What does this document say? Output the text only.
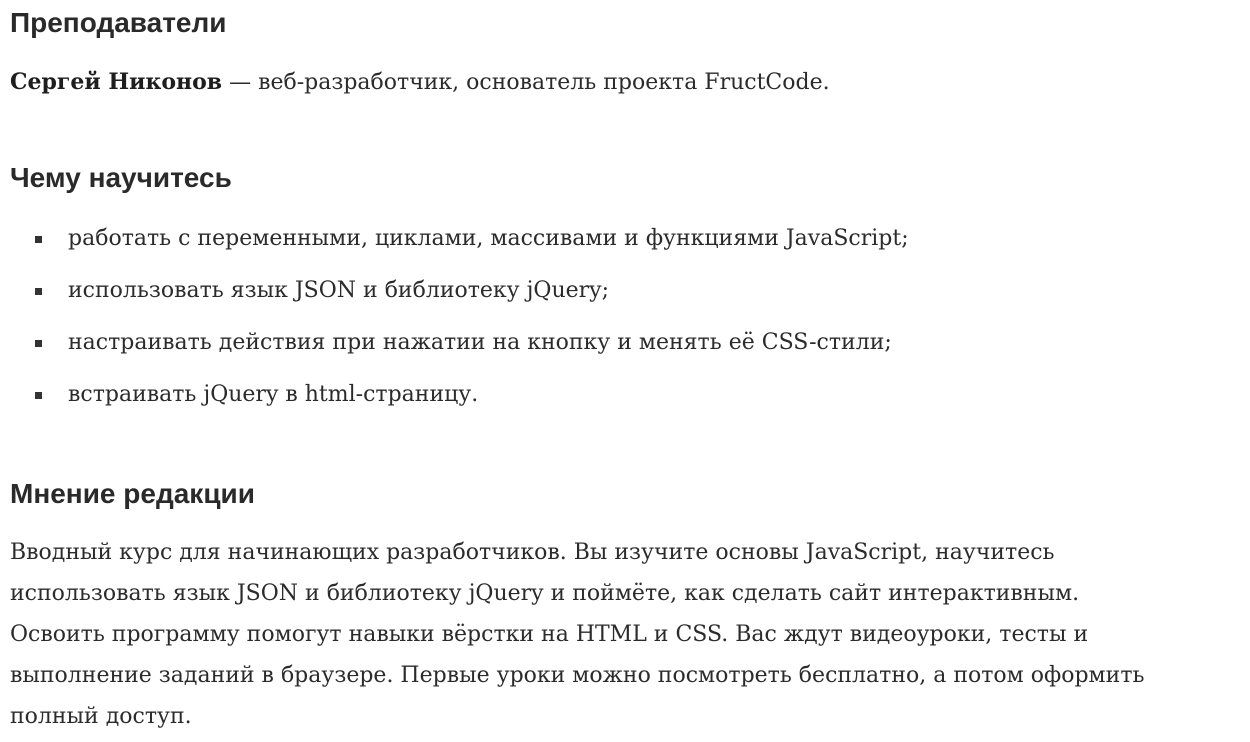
Преподаватели

Сергей Никонов — веб-разработчик, основатель проекта FructCode.

Чему научитесь
работать с переменными, циклами, массивами и функциями JavaScript;
использовать язык JSON и библиотеку jQuery;
настраивать действия при нажатии на кнопку и менять её CSS-стили;
встраивать jQuery в html-страницу.
Мнение редакции

Вводный курс для начинающих разработчиков. Вы изучите основы JavaScript, научитесь
использовать язык JSON и библиотеку jQuery и поймёте, как сделать сайт интерактивным.
Освоить программу помогут навыки вёрстки на HTML и CSS. Вас ждут видеоуроки, тесты и
выполнение заданий в браузере. Первые уроки можно посмотреть бесплатно, а потом оформить
полный доступ.
